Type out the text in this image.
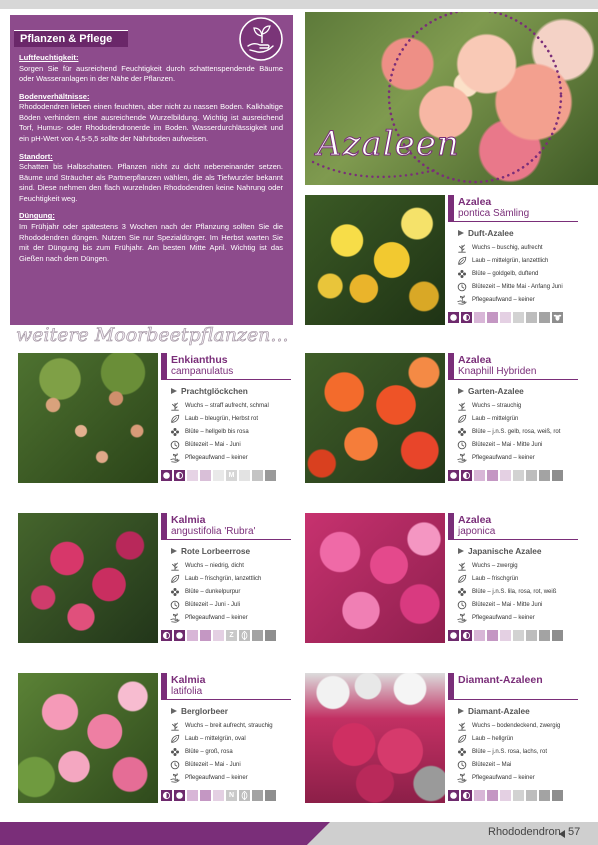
Pflanzen & Pflege
Luftfeuchtigkeit:
Sorgen Sie für ausreichend Feuchtigkeit durch schattenspendende Bäume oder Wasseranlagen in der Nähe der Pflanzen.
Bodenverhältnisse:
Rhododendren lieben einen feuchten, aber nicht zu nassen Boden. Kalkhaltige Böden verhindern eine ausreichende Wurzelbildung. Wichtig ist ausreichend Torf, Humus- oder Rhododendronerde im Boden. Wasserdurchlässigkeit und ein pH-Wert von 4,5-5,5 sollte der Nährboden aufweisen.
Standort:
Schatten bis Halbschatten. Pflanzen nicht zu dicht nebeneinander setzen. Bäume und Sträucher als Partnerpflanzen wählen, die als Tiefwurzler bekannt sind. Diese nehmen den flach wurzelnden Rhododendren keine Nahrung oder Feuchtigkeit weg.
Düngung:
Im Frühjahr oder spätestens 3 Wochen nach der Pflanzung sollten Sie die Rhododendren düngen. Nutzen Sie nur Spezialdünger. Im Herbst warten Sie mit der Düngung bis zum Frühjahr. Am besten Mitte April. Wichtig ist das Gießen nach dem Düngen.
Azaleen
weitere Moorbeetpflanzen...
Azalea
pontica Sämling
Duft-Azalee
Wuchs – buschig, aufrecht
Laub – mittelgrün, lanzettlich
Blüte – goldgelb, duftend
Blütezeit – Mitte Mai - Anfang Juni
Pflegeaufwand – keiner
Enkianthus
campanulatus
Prachtglöckchen
Wuchs – straff aufrecht, schmal
Laub – bleugrün, Herbst rot
Blüte – hellgelb bis rosa
Blütezeit – Mai - Juni
Pflegeaufwand – keiner
M
Azalea
Knaphill Hybriden
Garten-Azalee
Wuchs – strauchig
Laub – mittelgrün
Blüte – j.n.S. gelb, rosa, weiß, rot
Blütezeit – Mai - Mitte Juni
Pflegeaufwand – keiner
Kalmia
angustifolia 'Rubra'
Rote Lorbeerrose
Wuchs – niedrig, dicht
Laub – frischgrün, lanzettlich
Blüte – dunkelpurpur
Blütezeit – Juni - Juli
Pflegeaufwand – keiner
Z
Azalea
japonica
Japanische Azalee
Wuchs – zwergig
Laub – frischgrün
Blüte – j.n.S. lila, rosa, rot, weiß
Blütezeit – Mai - Mitte Juni
Pflegeaufwand – keiner
Kalmia
latifolia
Berglorbeer
Wuchs – breit aufrecht, strauchig
Laub – mittelgrün, oval
Blüte – groß, rosa
Blütezeit – Mai - Juni
Pflegeaufwand – keiner
N
Diamant-Azaleen
Diamant-Azalee
Wuchs – bodendeckend, zwergig
Laub – hellgrün
Blüte – j.n.S. rosa, lachs, rot
Blütezeit – Mai
Pflegeaufwand – keiner
Rhododendron 57
